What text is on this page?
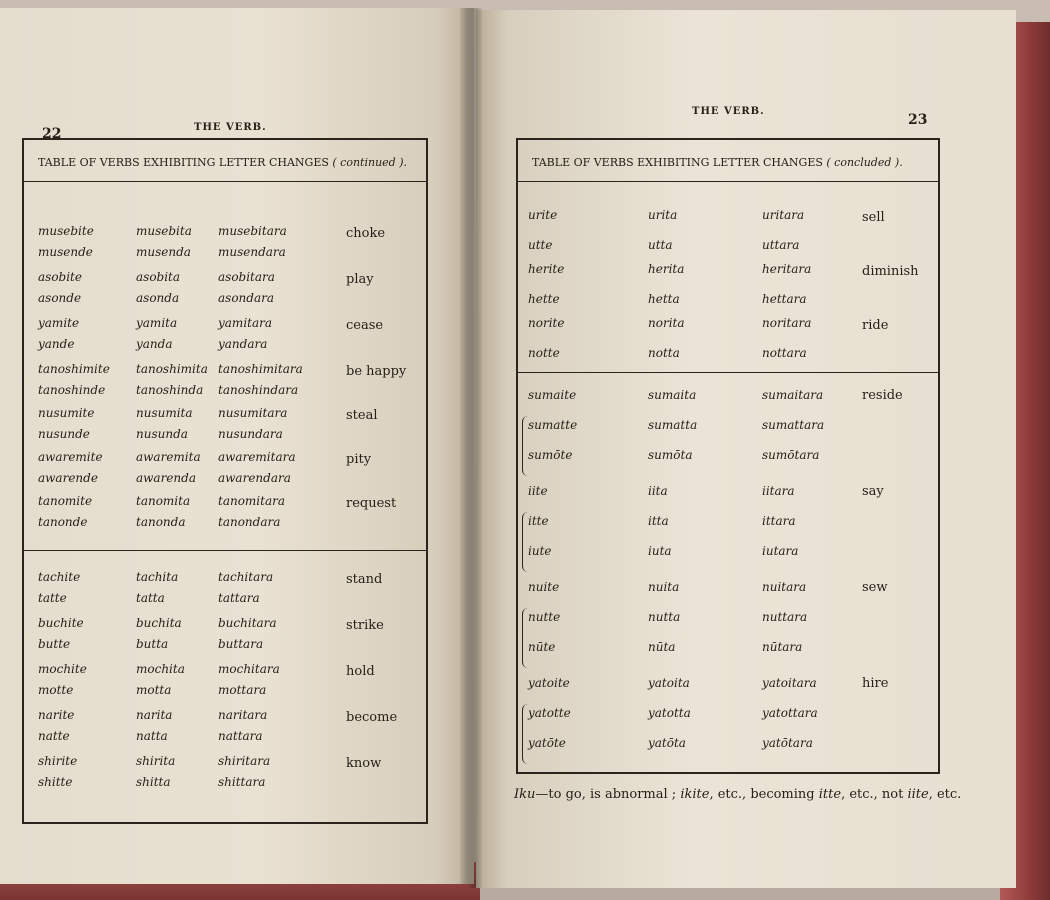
22	THE VERB.
TABLE OF VERBS EXHIBITING LETTER CHANGES ( continued ).
musebite
musende
musebita
musenda
musebitara
musendara
choke
asobite
asonde
asobita
asonda
asobitara
asondara
play
yamite
yande
yamita
yanda
yamitara
yandara
cease
tanoshimite
tanoshinde
tanoshimita
tanoshinda
tanoshimitara
tanoshindara
be happy
nusumite
nusunde
nusumita
nusunda
nusumitara
nusundara
steal
awaremite
awarende
awaremita
awarenda
awaremitara
awarendara
pity
tanomite
tanonde
tanomita
tanonda
tanomitara
tanondara
request
tachite
tatte
tachita
tatta
tachitara
tattara
stand
buchite
butte
buchita
butta
buchitara
buttara
strike
mochite
motte
mochita
motta
mochitara
mottara
hold
narite
natte
narita
natta
naritara
nattara
become
shirite
shitte
shirita
shitta
shiritara
shittara
know
THE VERB.
23
TABLE OF VERBS EXHIBITING LETTER CHANGES ( concluded ).
urite
utte
urita
utta
uritara
uttara
sell
herite
hette
herita
hetta
heritara
hettara
diminish
norite
notte
norita
notta
noritara
nottara
ride
sumaite
sumatte
sumōte
sumaita
sumatta
sumōta
sumaitara
sumattara
sumōtara
reside
iite
itte
iute
iita
itta
iuta
iitara
ittara
iutara
say
nuite
nutte
nūte
nuita
nutta
nūta
nuitara
nuttara
nūtara
sew
yatoite
yatotte
yatōte
yatoita
yatotta
yatōta
yatoitara
yatottara
yatōtara
hire
Iku—to go, is abnormal ; ikite, etc., becoming itte, etc., not iite, etc.
